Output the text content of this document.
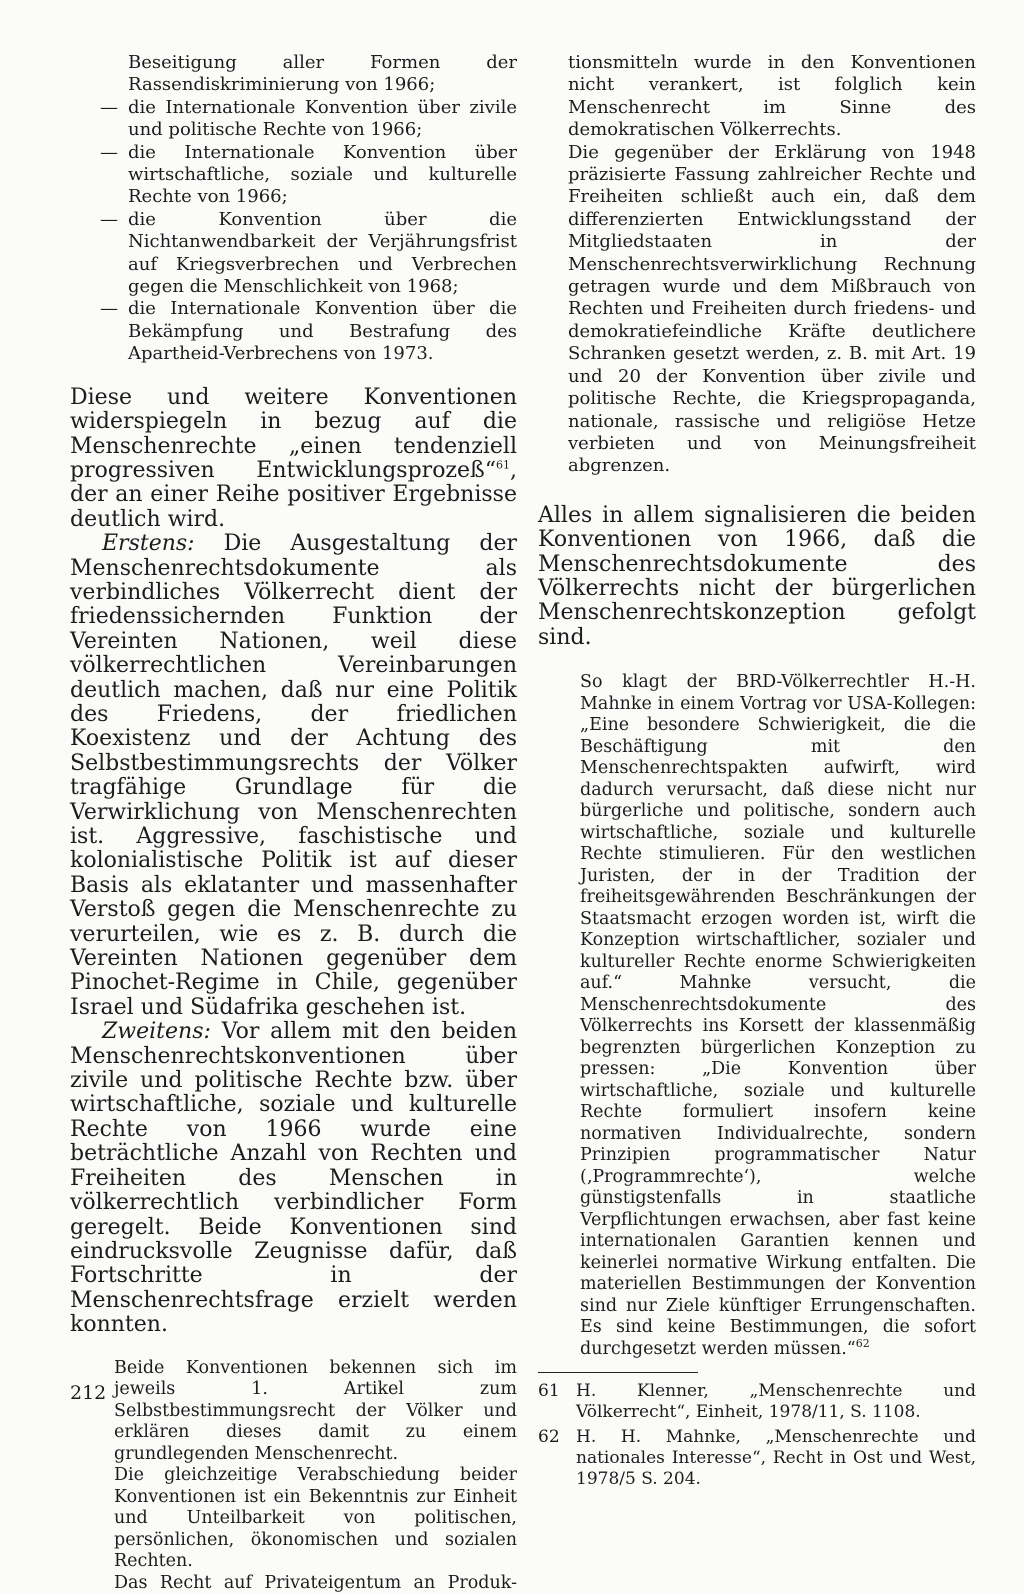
Beseitigung aller Formen der Rassendiskriminierung von 1966;
— die Internationale Konvention über zivile und politische Rechte von 1966;
— die Internationale Konvention über wirtschaftliche, soziale und kulturelle Rechte von 1966;
— die Konvention über die Nichtanwendbarkeit der Verjährungsfrist auf Kriegsverbrechen und Verbrechen gegen die Menschlichkeit von 1968;
— die Internationale Konvention über die Bekämpfung und Bestrafung des Apartheid-Verbrechens von 1973.

Diese und weitere Konventionen widerspiegeln in bezug auf die Menschenrechte „einen tendenziell progressiven Entwicklungsprozeß“$^{61}$, der an einer Reihe positiver Ergebnisse deutlich wird.

Erstens: Die Ausgestaltung der Menschenrechtsdokumente als verbindliches Völkerrecht dient der friedenssichernden Funktion der Vereinten Nationen, weil diese völkerrechtlichen Vereinbarungen deutlich machen, daß nur eine Politik des Friedens, der friedlichen Koexistenz und der Achtung des Selbstbestimmungsrechts der Völker tragfähige Grundlage für die Verwirklichung von Menschenrechten ist. Aggressive, faschistische und kolonialistische Politik ist auf dieser Basis als eklatanter und massenhafter Verstoß gegen die Menschenrechte zu verurteilen, wie es z. B. durch die Vereinten Nationen gegenüber dem Pinochet-Regime in Chile, gegenüber Israel und Südafrika geschehen ist.

Zweitens: Vor allem mit den beiden Menschenrechtskonventionen über zivile und politische Rechte bzw. über wirtschaftliche, soziale und kulturelle Rechte von 1966 wurde eine beträchtliche Anzahl von Rechten und Freiheiten des Menschen in völkerrechtlich verbindlicher Form geregelt. Beide Konventionen sind eindrucksvolle Zeugnisse dafür, daß Fortschritte in der Menschenrechtsfrage erzielt werden konnten.

Beide Konventionen bekennen sich im jeweils 1. Artikel zum Selbstbestimmungsrecht der Völker und erklären dieses damit zu einem grundlegenden Menschenrecht.

Die gleichzeitige Verabschiedung beider Konventionen ist ein Bekenntnis zur Einheit und Unteilbarkeit von politischen, persönlichen, ökonomischen und sozialen Rechten.

Das Recht auf Privateigentum an Produk-

tionsmitteln wurde in den Konventionen nicht verankert, ist folglich kein Menschenrecht im Sinne des demokratischen Völkerrechts.

Die gegenüber der Erklärung von 1948 präzisierte Fassung zahlreicher Rechte und Freiheiten schließt auch ein, daß dem differenzierten Entwicklungsstand der Mitgliedstaaten in der Menschenrechtsverwirklichung Rechnung getragen wurde und dem Mißbrauch von Rechten und Freiheiten durch friedens- und demokratiefeindliche Kräfte deutlichere Schranken gesetzt werden, z. B. mit Art. 19 und 20 der Konvention über zivile und politische Rechte, die Kriegspropaganda, nationale, rassische und religiöse Hetze verbieten und von Meinungsfreiheit abgrenzen.

Alles in allem signalisieren die beiden Konventionen von 1966, daß die Menschenrechtsdokumente des Völkerrechts nicht der bürgerlichen Menschenrechtskonzeption gefolgt sind.

So klagt der BRD-Völkerrechtler H.-H. Mahnke in einem Vortrag vor USA-Kollegen: „Eine besondere Schwierigkeit, die die Beschäftigung mit den Menschenrechtspakten aufwirft, wird dadurch verursacht, daß diese nicht nur bürgerliche und politische, sondern auch wirtschaftliche, soziale und kulturelle Rechte stimulieren. Für den westlichen Juristen, der in der Tradition der freiheitsgewährenden Beschränkungen der Staatsmacht erzogen worden ist, wirft die Konzeption wirtschaftlicher, sozialer und kultureller Rechte enorme Schwierigkeiten auf.“ Mahnke versucht, die Menschenrechtsdokumente des Völkerrechts ins Korsett der klassenmäßig begrenzten bürgerlichen Konzeption zu pressen: „Die Konvention über wirtschaftliche, soziale und kulturelle Rechte formuliert insofern keine normativen Individualrechte, sondern Prinzipien programmatischer Natur (‚Programmrechte‘), welche günstigstenfalls in staatliche Verpflichtungen erwachsen, aber fast keine internationalen Garantien kennen und keinerlei normative Wirkung entfalten. Die materiellen Bestimmungen der Konvention sind nur Ziele künftiger Errungenschaften. Es sind keine Bestimmungen, die sofort durchgesetzt werden müssen.“$^{62}$

61 H. Klenner, „Menschenrechte und Völkerrecht“, Einheit, 1978/11, S. 1108.
62 H. H. Mahnke, „Menschenrechte und nationales Interesse“, Recht in Ost und West, 1978/5 S. 204.
212
